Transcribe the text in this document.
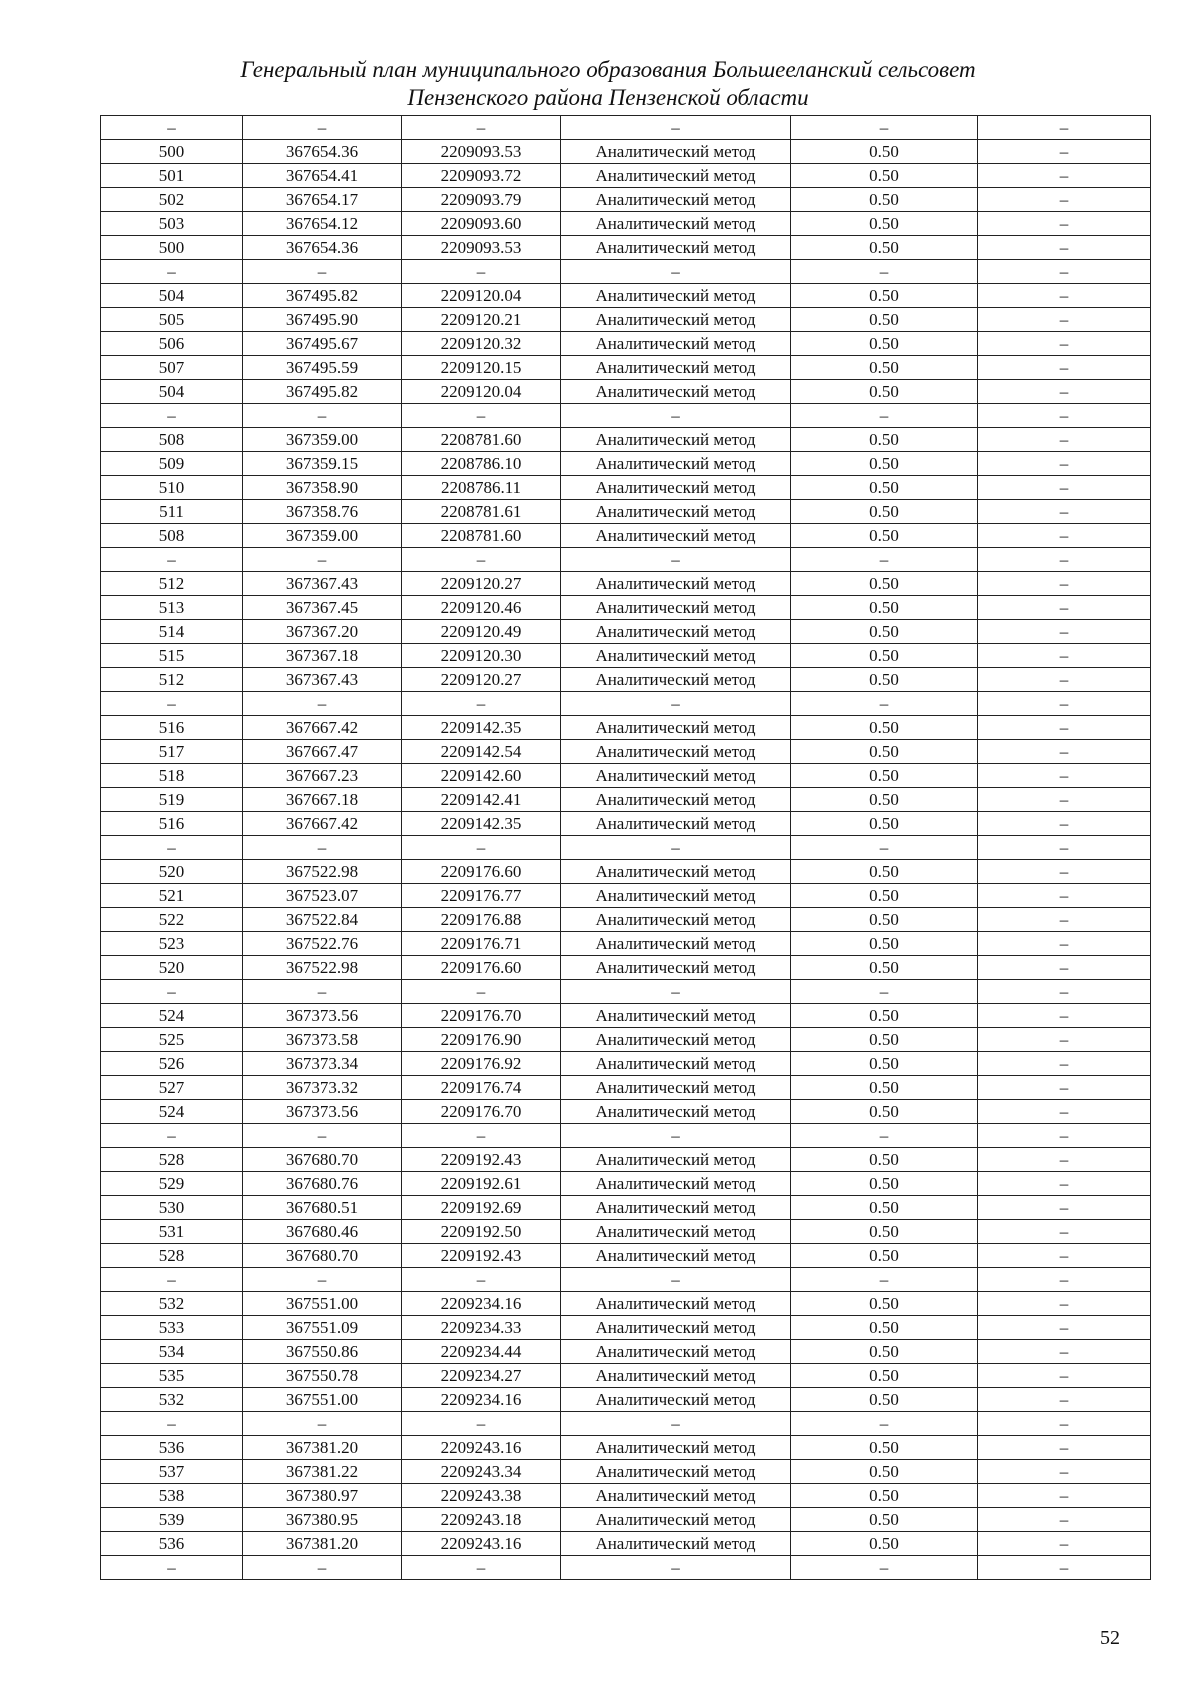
Генеральный план муниципального образования Большееланский сельсовет
Пензенского района Пензенской области
–	–	–	–	–	–
500	367654.36	2209093.53	Аналитический метод	0.50	–
501	367654.41	2209093.72	Аналитический метод	0.50	–
502	367654.17	2209093.79	Аналитический метод	0.50	–
503	367654.12	2209093.60	Аналитический метод	0.50	–
500	367654.36	2209093.53	Аналитический метод	0.50	–
–	–	–	–	–	–
504	367495.82	2209120.04	Аналитический метод	0.50	–
505	367495.90	2209120.21	Аналитический метод	0.50	–
506	367495.67	2209120.32	Аналитический метод	0.50	–
507	367495.59	2209120.15	Аналитический метод	0.50	–
504	367495.82	2209120.04	Аналитический метод	0.50	–
–	–	–	–	–	–
508	367359.00	2208781.60	Аналитический метод	0.50	–
509	367359.15	2208786.10	Аналитический метод	0.50	–
510	367358.90	2208786.11	Аналитический метод	0.50	–
511	367358.76	2208781.61	Аналитический метод	0.50	–
508	367359.00	2208781.60	Аналитический метод	0.50	–
–	–	–	–	–	–
512	367367.43	2209120.27	Аналитический метод	0.50	–
513	367367.45	2209120.46	Аналитический метод	0.50	–
514	367367.20	2209120.49	Аналитический метод	0.50	–
515	367367.18	2209120.30	Аналитический метод	0.50	–
512	367367.43	2209120.27	Аналитический метод	0.50	–
–	–	–	–	–	–
516	367667.42	2209142.35	Аналитический метод	0.50	–
517	367667.47	2209142.54	Аналитический метод	0.50	–
518	367667.23	2209142.60	Аналитический метод	0.50	–
519	367667.18	2209142.41	Аналитический метод	0.50	–
516	367667.42	2209142.35	Аналитический метод	0.50	–
–	–	–	–	–	–
520	367522.98	2209176.60	Аналитический метод	0.50	–
521	367523.07	2209176.77	Аналитический метод	0.50	–
522	367522.84	2209176.88	Аналитический метод	0.50	–
523	367522.76	2209176.71	Аналитический метод	0.50	–
520	367522.98	2209176.60	Аналитический метод	0.50	–
–	–	–	–	–	–
524	367373.56	2209176.70	Аналитический метод	0.50	–
525	367373.58	2209176.90	Аналитический метод	0.50	–
526	367373.34	2209176.92	Аналитический метод	0.50	–
527	367373.32	2209176.74	Аналитический метод	0.50	–
524	367373.56	2209176.70	Аналитический метод	0.50	–
–	–	–	–	–	–
528	367680.70	2209192.43	Аналитический метод	0.50	–
529	367680.76	2209192.61	Аналитический метод	0.50	–
530	367680.51	2209192.69	Аналитический метод	0.50	–
531	367680.46	2209192.50	Аналитический метод	0.50	–
528	367680.70	2209192.43	Аналитический метод	0.50	–
–	–	–	–	–	–
532	367551.00	2209234.16	Аналитический метод	0.50	–
533	367551.09	2209234.33	Аналитический метод	0.50	–
534	367550.86	2209234.44	Аналитический метод	0.50	–
535	367550.78	2209234.27	Аналитический метод	0.50	–
532	367551.00	2209234.16	Аналитический метод	0.50	–
–	–	–	–	–	–
536	367381.20	2209243.16	Аналитический метод	0.50	–
537	367381.22	2209243.34	Аналитический метод	0.50	–
538	367380.97	2209243.38	Аналитический метод	0.50	–
539	367380.95	2209243.18	Аналитический метод	0.50	–
536	367381.20	2209243.16	Аналитический метод	0.50	–
–	–	–	–	–	–
52
